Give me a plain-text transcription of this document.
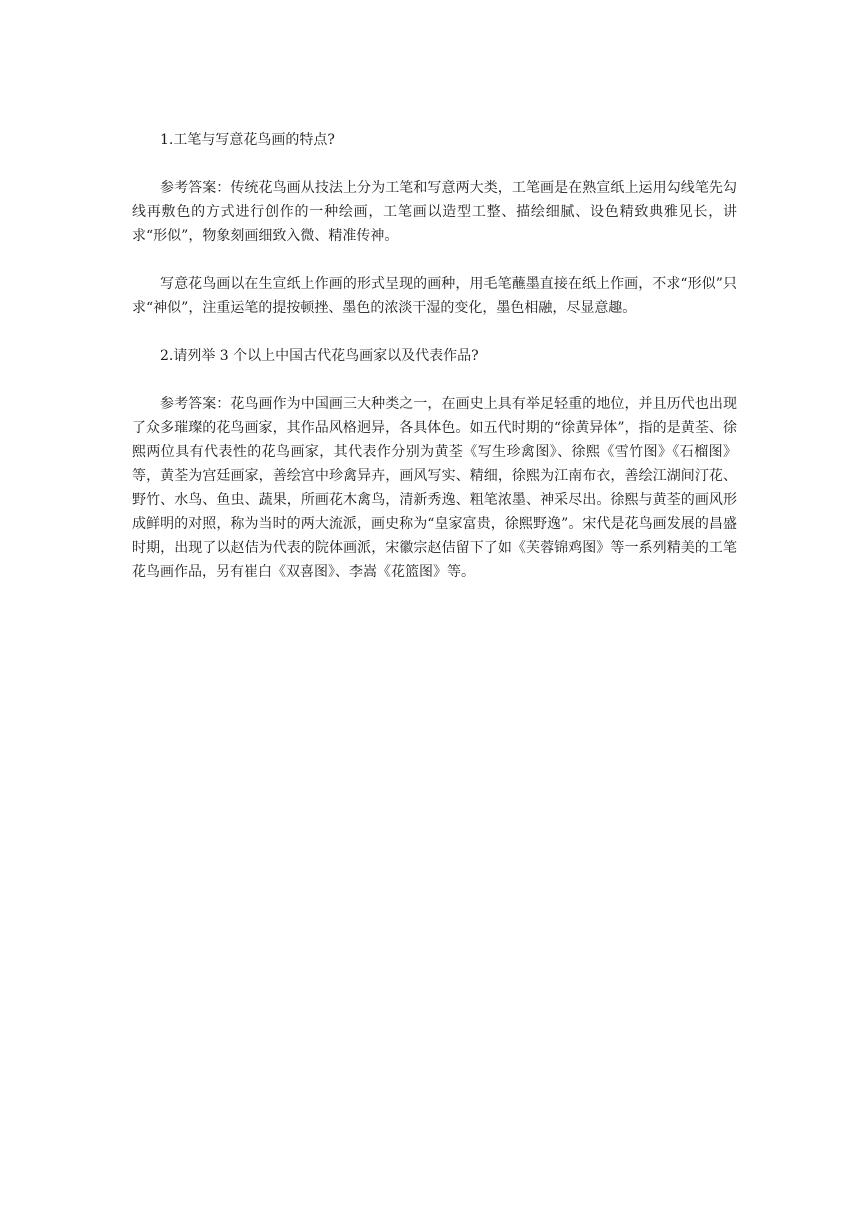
1.工笔与写意花鸟画的特点?

参考答案：传统花鸟画从技法上分为工笔和写意两大类，工笔画是在熟宣纸上运用勾线笔先勾线再敷色的方式进行创作的一种绘画，工笔画以造型工整、描绘细腻、设色精致典雅见长，讲求“形似”，物象刻画细致入微、精准传神。

写意花鸟画以在生宣纸上作画的形式呈现的画种，用毛笔蘸墨直接在纸上作画，不求“形似”只求“神似”，注重运笔的提按顿挫、墨色的浓淡干湿的变化，墨色相融，尽显意趣。

2.请列举 3 个以上中国古代花鸟画家以及代表作品?

参考答案：花鸟画作为中国画三大种类之一，在画史上具有举足轻重的地位，并且历代也出现了众多璀璨的花鸟画家，其作品风格迥异，各具体色。如五代时期的“徐黄异体”，指的是黄荃、徐熙两位具有代表性的花鸟画家，其代表作分别为黄荃《写生珍禽图》、徐熙《雪竹图》《石榴图》等，黄荃为宫廷画家，善绘宫中珍禽异卉，画风写实、精细，徐熙为江南布衣，善绘江湖间汀花、野竹、水鸟、鱼虫、蔬果，所画花木禽鸟，清新秀逸、粗笔浓墨、神采尽出。徐熙与黄荃的画风形成鲜明的对照，称为当时的两大流派，画史称为“皇家富贵，徐熙野逸”。宋代是花鸟画发展的昌盛时期，出现了以赵佶为代表的院体画派，宋徽宗赵佶留下了如《芙蓉锦鸡图》等一系列精美的工笔花鸟画作品，另有崔白《双喜图》、李嵩《花篮图》等。
